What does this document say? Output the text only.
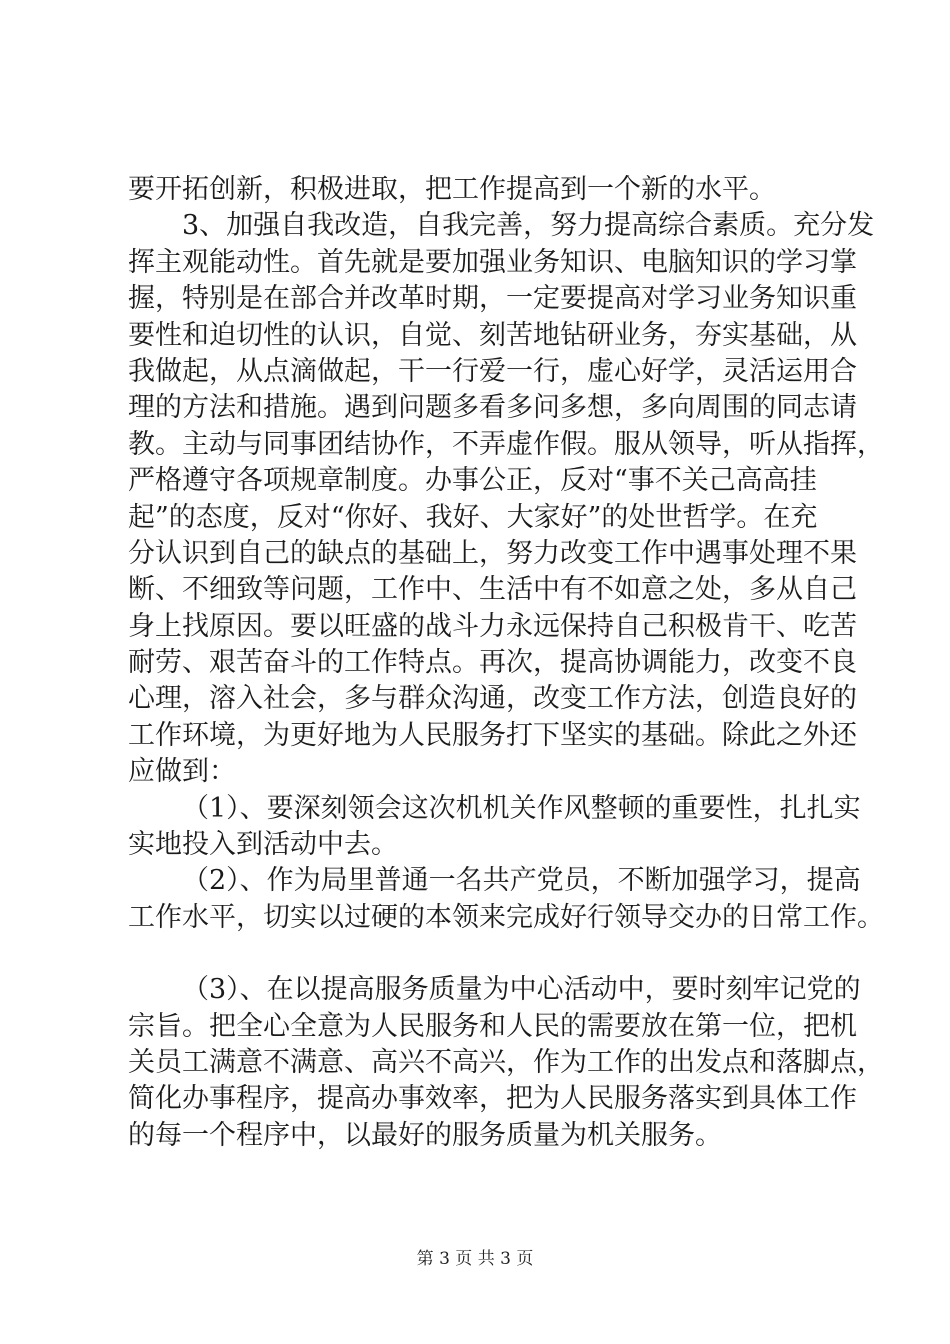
要开拓创新，积极进取，把工作提高到一个新的水平。
3、加强自我改造，自我完善，努力提高综合素质。充分发
挥主观能动性。首先就是要加强业务知识、电脑知识的学习掌
握，特别是在部合并改革时期，一定要提高对学习业务知识重
要性和迫切性的认识，自觉、刻苦地钻研业务，夯实基础，从
我做起，从点滴做起，干一行爱一行，虚心好学，灵活运用合
理的方法和措施。遇到问题多看多问多想，多向周围的同志请
教。主动与同事团结协作，不弄虚作假。服从领导，听从指挥，
严格遵守各项规章制度。办事公正，反对“事不关己高高挂
起”的态度，反对“你好、我好、大家好”的处世哲学。在充
分认识到自己的缺点的基础上，努力改变工作中遇事处理不果
断、不细致等问题，工作中、生活中有不如意之处，多从自己
身上找原因。要以旺盛的战斗力永远保持自己积极肯干、吃苦
耐劳、艰苦奋斗的工作特点。再次，提高协调能力，改变不良
心理，溶入社会，多与群众沟通，改变工作方法，创造良好的
工作环境，为更好地为人民服务打下坚实的基础。除此之外还
应做到：
（1）、要深刻领会这次机机关作风整顿的重要性，扎扎实
实地投入到活动中去。
（2）、作为局里普通一名共产党员，不断加强学习，提高
工作水平，切实以过硬的本领来完成好行领导交办的日常工作。
（3）、在以提高服务质量为中心活动中，要时刻牢记党的
宗旨。把全心全意为人民服务和人民的需要放在第一位，把机
关员工满意不满意、高兴不高兴，作为工作的出发点和落脚点，
简化办事程序，提高办事效率，把为人民服务落实到具体工作
的每一个程序中，以最好的服务质量为机关服务。
第 3 页 共 3 页
